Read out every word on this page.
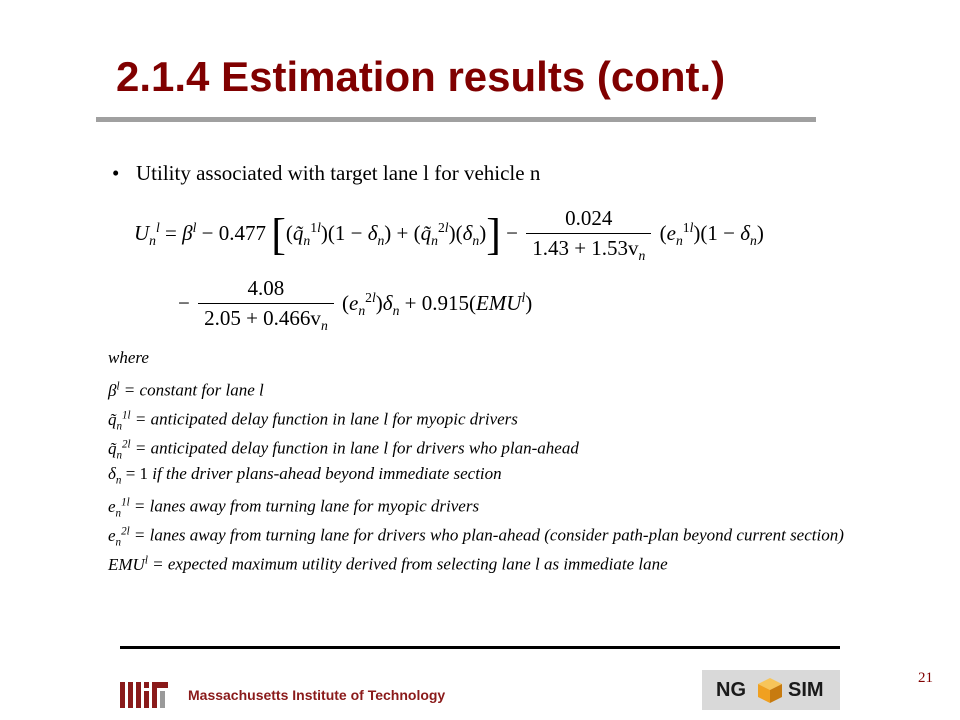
2.1.4 Estimation results (cont.)
• Utility associated with target lane l for vehicle n
$U_n^l = \beta^l - 0.477$ [$(q̃_n^{1l})(1 - \delta_n)$ + $(q̃_n^{2l})(\delta_n)] - \frac{0.024}{1.43 + 1.53v_n} (e_n^{1l})(1 - \delta_n)$
− $\frac{4.08}{2.05 + 0.466v_n} (e_n^{2l})\delta_n + 0.915(EMU^l)$
where
$\beta^l$ = constant for lane l
$q̃_n^{1l}$ = anticipated delay function in lane l for myopic drivers
$q̃_n^{2l}$ = anticipated delay function in lane l for drivers who plan-ahead
$\delta_n = 1$ if the driver plans-ahead beyond immediate section
$e_n^{1l}$ = lanes away from turning lane for myopic drivers
$e_n^{2l}$ = lanes away from turning lane for drivers who plan-ahead (consider path-plan beyond current section)
$EMU^l$ = expected maximum utility derived from selecting lane l as immediate lane
Massachusetts Institute of Technology	NG SIM
21
